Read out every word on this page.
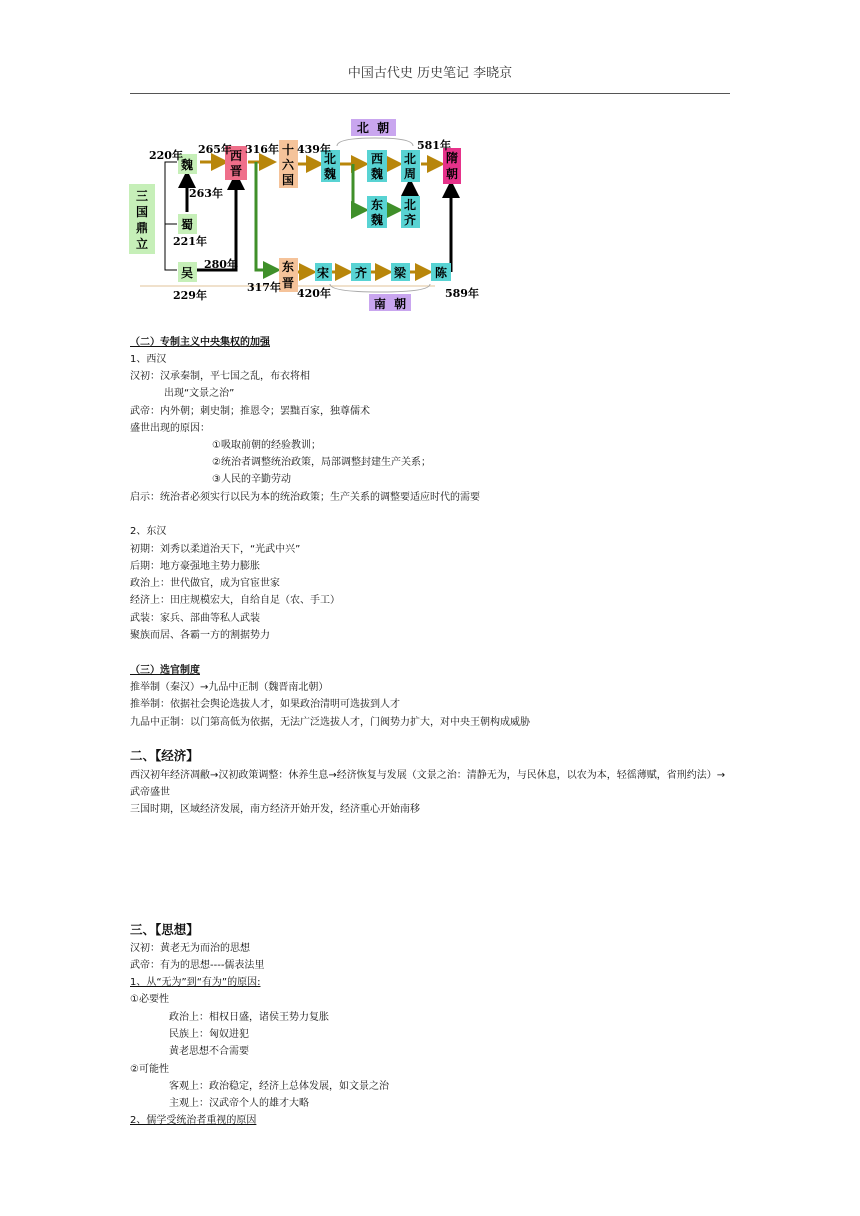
中国古代史 历史笔记 李晓京
三
国
鼎
立
魏
蜀
吴
西
晋
十
六
国
北
魏
西
魏
东
魏
北
周
北
齐
隋
朝
东
晋
宋 齐 梁 陈
北  朝
南  朝
220年 265年
263年
221年
280年
229年
316年
317年
439年
420年
581年
589年
（二）专制主义中央集权的加强
1、西汉
汉初：汉承秦制，平七国之乱，布衣将相
出现“文景之治”
武帝：内外朝；刺史制；推恩令；罢黜百家，独尊儒术
盛世出现的原因：
①吸取前朝的经验教训；
②统治者调整统治政策，局部调整封建生产关系；
③人民的辛勤劳动
启示：统治者必须实行以民为本的统治政策；生产关系的调整要适应时代的需要
2、东汉
初期：刘秀以柔道治天下，“光武中兴”
后期：地方豪强地主势力膨胀
政治上：世代做官，成为官宦世家
经济上：田庄规模宏大，自给自足（农、手工）
武装：家兵、部曲等私人武装
聚族而居、各霸一方的割据势力
（三）选官制度
推举制（秦汉）→九品中正制（魏晋南北朝）
推举制：依据社会舆论选拔人才，如果政治清明可选拔到人才
九品中正制：以门第高低为依据，无法广泛选拔人才，门阀势力扩大，对中央王朝构成威胁
二、【经济】
西汉初年经济凋敝→汉初政策调整：休养生息→经济恢复与发展（文景之治：清静无为，与民休息，以农为本，轻徭薄赋，省刑约法）→武帝盛世
三国时期，区域经济发展，南方经济开始开发，经济重心开始南移
三、【思想】
汉初：黄老无为而治的思想
武帝：有为的思想----儒表法里
1、从“无为”到“有为”的原因:
①必要性
政治上：相权日盛，诸侯王势力复胀
民族上：匈奴进犯
黄老思想不合需要
②可能性
客观上：政治稳定，经济上总体发展，如文景之治
主观上：汉武帝个人的雄才大略
2、儒学受统治者重视的原因
